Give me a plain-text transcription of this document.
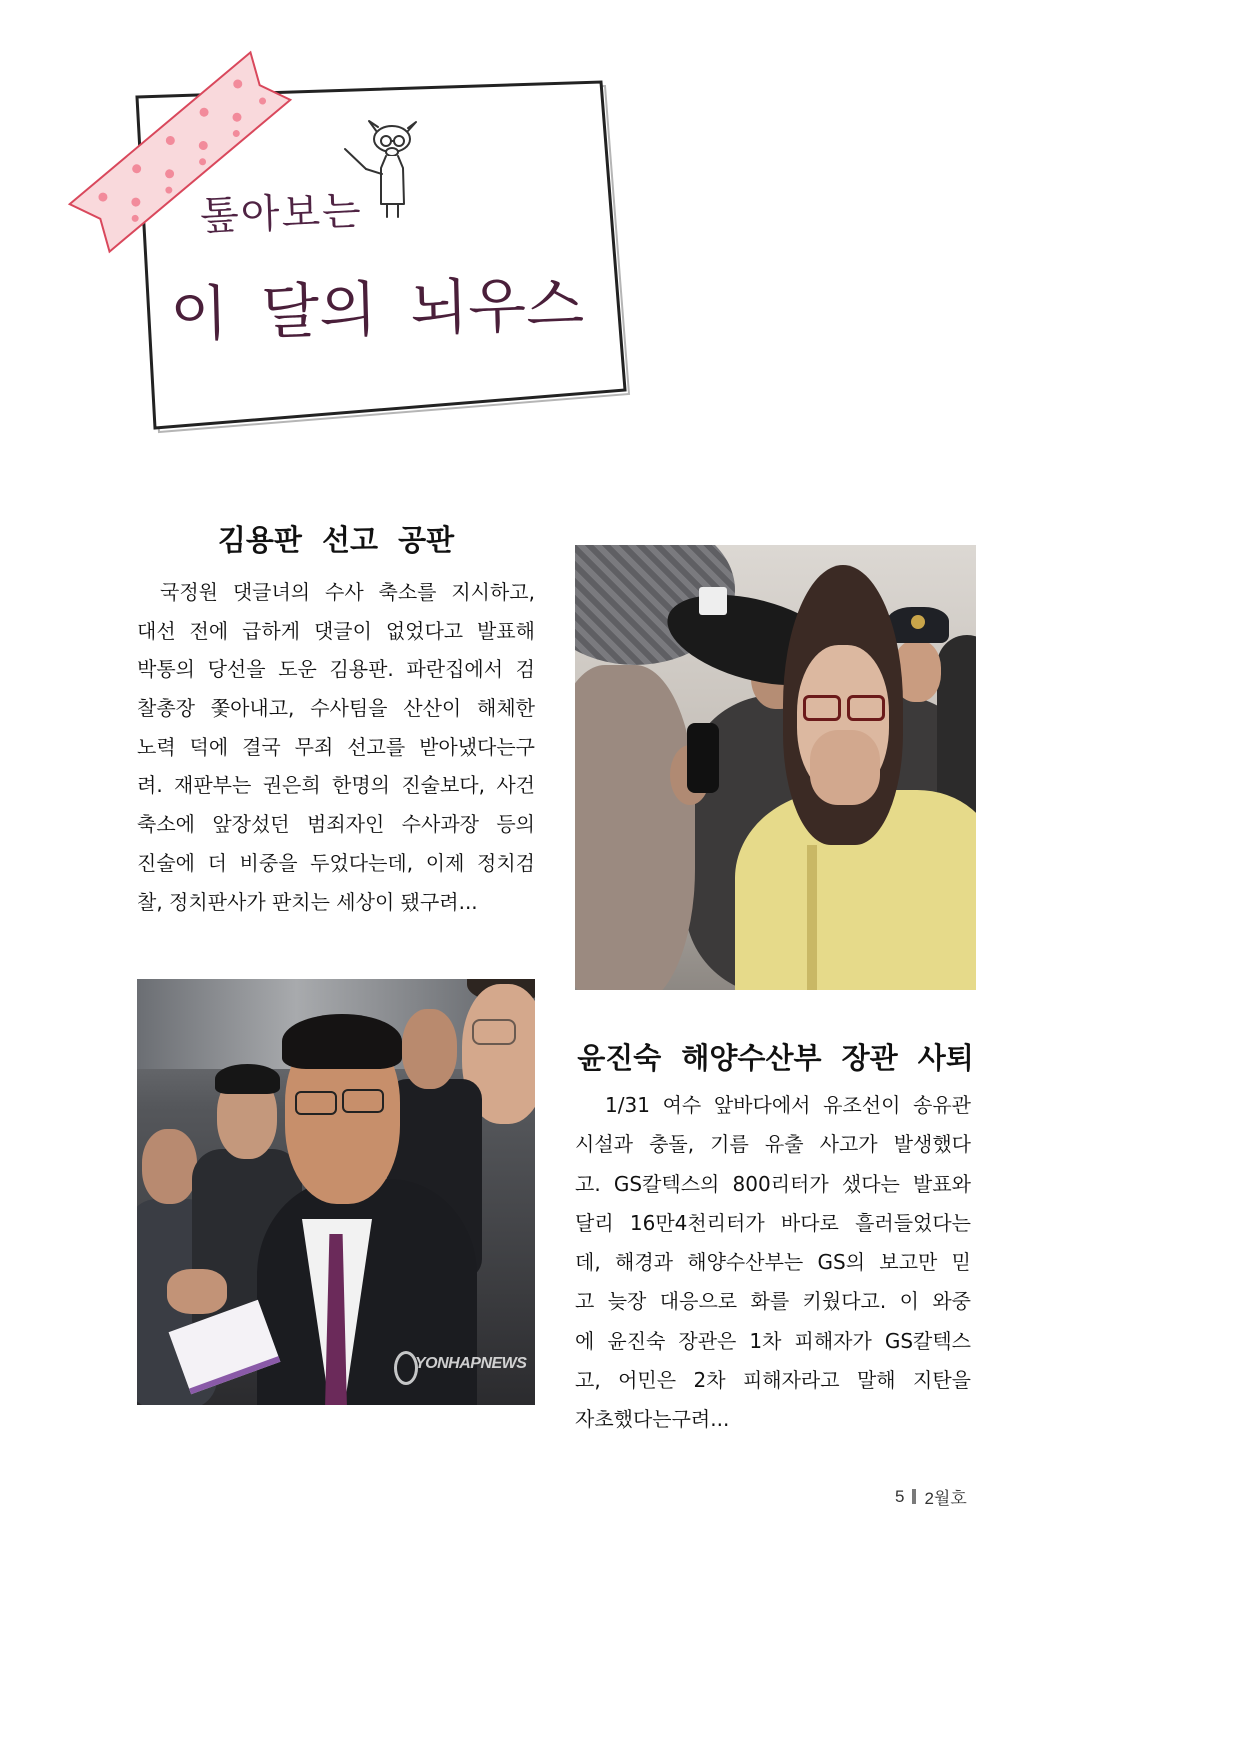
톺아보는
이 달의 뇌우스
김용판 선고 공판
국정원 댓글녀의 수사 축소를 지시하고,
대선 전에 급하게 댓글이 없었다고 발표해
박통의 당선을 도운 김용판. 파란집에서 검
찰총장 쫓아내고, 수사팀을 산산이 해체한
노력 덕에 결국 무죄 선고를 받아냈다는구
려. 재판부는 권은희 한명의 진술보다, 사건
축소에 앞장섰던 범죄자인 수사과장 등의
진술에 더 비중을 두었다는데, 이제 정치검
찰, 정치판사가 판치는 세상이 됐구려...
YONHAPNEWS
윤진숙 해양수산부 장관 사퇴
1/31 여수 앞바다에서 유조선이 송유관
시설과 충돌, 기름 유출 사고가 발생했다
고. GS칼텍스의 800리터가 샜다는 발표와
달리 16만4천리터가 바다로 흘러들었다는
데, 해경과 해양수산부는 GS의 보고만 믿
고 늦장 대응으로 화를 키웠다고. 이 와중
에 윤진숙 장관은 1차 피해자가 GS칼텍스
고, 어민은 2차 피해자라고 말해 지탄을
자초했다는구려...
5 2월호
